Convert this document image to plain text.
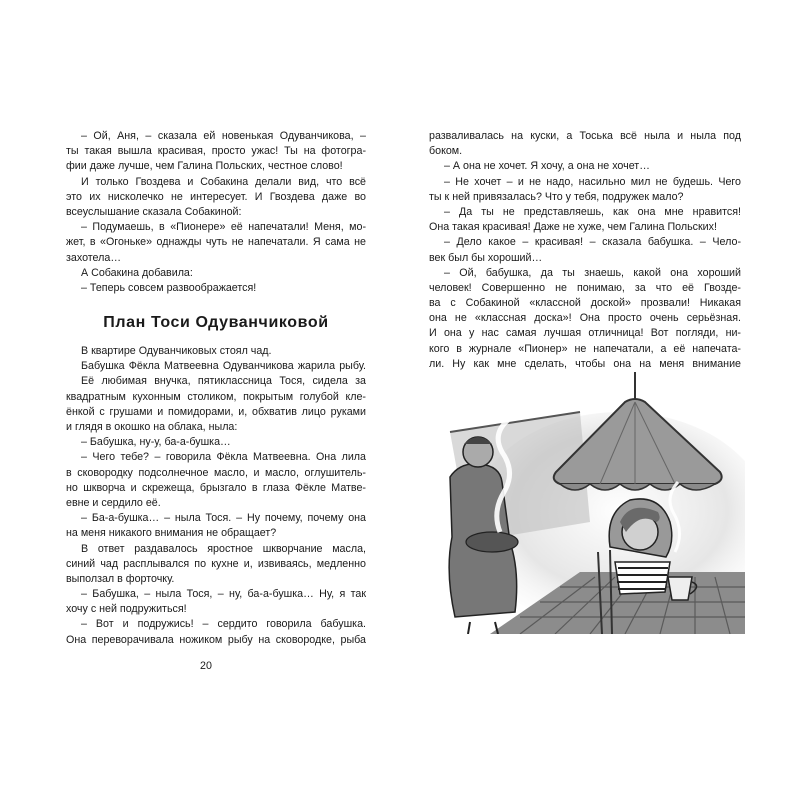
– Ой, Аня, – сказала ей новенькая Одуванчикова, –
ты такая вышла красивая, просто ужас! Ты на фотогра-
фии даже лучше, чем Галина Польских, честное слово!
И только Гвоздева и Собакина делали вид, что всё
это их нисколечко не интересует. И Гвоздева даже во
всеуслышание сказала Собакиной:
– Подумаешь, в «Пионере» её напечатали! Меня, мо-
жет, в «Огоньке» однажды чуть не напечатали. Я сама не
захотела…
А Собакина добавила:
– Теперь совсем развоображается!
План Тоси Одуванчиковой
В квартире Одуванчиковых стоял чад.
Бабушка Фёкла Матвеевна Одуванчикова жарила рыбу.
Её любимая внучка, пятиклассница Тося, сидела за
квадратным кухонным столиком, покрытым голубой кле-
ёнкой с грушами и помидорами, и, обхватив лицо руками
и глядя в окошко на облака, ныла:
– Бабушка, ну-у, ба-а-бушка…
– Чего тебе? – говорила Фёкла Матвеевна. Она лила
в сковородку подсолнечное масло, и масло, оглушитель-
но шкворча и скрежеща, брызгало в глаза Фёкле Матве-
евне и сердило её.
– Ба-а-бушка… – ныла Тося. – Ну почему, почему она
на меня никакого внимания не обращает?
В ответ раздавалось яростное шкворчание масла,
синий чад расплывался по кухне и, извиваясь, медленно
выползал в форточку.
– Бабушка, – ныла Тося, – ну, ба-а-бушка… Ну, я так
хочу с ней подружиться!
– Вот и подружись! – сердито говорила бабушка.
Она переворачивала ножиком рыбу на сковородке, рыба
20
разваливалась на куски, а Тоська всё ныла и ныла под
боком.
– А она не хочет. Я хочу, а она не хочет…
– Не хочет – и не надо, насильно мил не будешь. Чего
ты к ней привязалась? Что у тебя, подружек мало?
– Да ты не представляешь, как она мне нравится!
Она такая красивая! Даже не хуже, чем Галина Польских!
– Дело какое – красивая! – сказала бабушка. – Чело-
век был бы хороший…
– Ой, бабушка, да ты знаешь, какой она хороший
человек! Совершенно не понимаю, за что её Гвозде-
ва с Собакиной «классной доской» прозвали! Никакая
она не «классная доска»! Она просто очень серьёзная.
И она у нас самая лучшая отличница! Вот погляди, ни-
кого в журнале «Пионер» не напечатали, а её напечата-
ли. Ну как мне сделать, чтобы она на меня внимание
